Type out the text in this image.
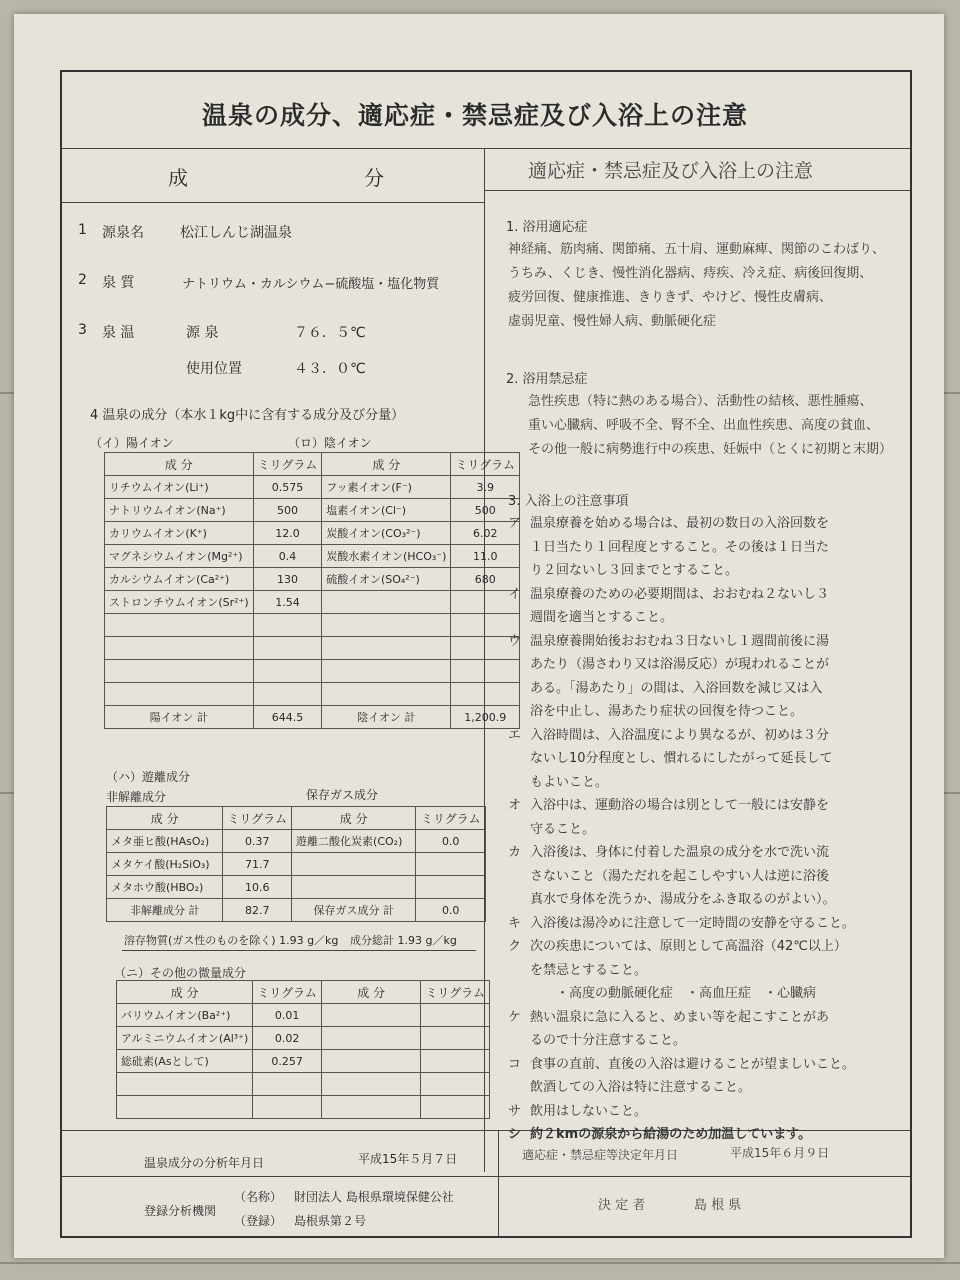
温泉の成分、適応症・禁忌症及び入浴上の注意
成	分	適応症・禁忌症及び入浴上の注意
1 源泉名	松江しんじ湖温泉
2 泉 質	ナトリウム・カルシウム−硫酸塩・塩化物質
3 泉 温	源 泉	７６．５℃
使用位置	４３．０℃
4 温泉の成分（本水１kg中に含有する成分及び分量）
（イ）陽イオン	（ロ）陰イオン
成 分	ミリグラム	成 分	ミリグラム
リチウムイオン(Li⁺)	0.575	フッ素イオン(F⁻)	3.9
ナトリウムイオン(Na⁺)	500	塩素イオン(Cl⁻)	500
カリウムイオン(K⁺)	12.0	炭酸イオン(CO₃²⁻)	6.02
マグネシウムイオン(Mg²⁺)	0.4	炭酸水素イオン(HCO₃⁻)	11.0
カルシウムイオン(Ca²⁺)	130	硫酸イオン(SO₄²⁻)	680
ストロンチウムイオン(Sr²⁺)	1.54		

陽イオン 計	644.5	陰イオン 計	1,200.9
（ハ）遊離成分
非解離成分	保存ガス成分
成 分	ミリグラム	成 分	ミリグラム
メタ亜ヒ酸(HAsO₂)	0.37	遊離二酸化炭素(CO₂)	0.0
メタケイ酸(H₂SiO₃)	71.7		
メタホウ酸(HBO₂)	10.6		
非解離成分 計	82.7	保存ガス成分 計	0.0
溶存物質(ガス性のものを除く) 1.93 g／kg 成分総計 1.93 g／kg
（ニ）その他の微量成分
成 分	ミリグラム	成 分	ミリグラム
バリウムイオン(Ba²⁺)	0.01		
アルミニウムイオン(Al³⁺)	0.02		
総砒素(Asとして)	0.257		

温泉成分の分析年月日	平成15年５月７日
登録分析機関
（名称） 財団法人 島根県環境保健公社
（登録） 島根県第２号
適応症・禁忌症等決定年月日	平成15年６月９日
決 定 者	島 根 県
1. 浴用適応症
神経痛、筋肉痛、関節痛、五十肩、運動麻痺、関節のこわばり、
うちみ、くじき、慢性消化器病、痔疾、冷え症、病後回復期、
疲労回復、健康推進、きりきず、やけど、慢性皮膚病、
虚弱児童、慢性婦人病、動脈硬化症
2. 浴用禁忌症
急性疾患（特に熱のある場合）、活動性の結核、悪性腫瘍、
重い心臓病、呼吸不全、腎不全、出血性疾患、高度の貧血、
その他一般に病勢進行中の疾患、妊娠中（とくに初期と末期）
3. 入浴上の注意事項
ア 温泉療養を始める場合は、最初の数日の入浴回数を
１日当たり１回程度とすること。その後は１日当た
り２回ないし３回までとすること。
イ 温泉療養のための必要期間は、おおむね２ないし３
週間を適当とすること。
ウ 温泉療養開始後おおむね３日ないし１週間前後に湯
あたり（湯さわり又は浴湯反応）が現われることが
ある。「湯あたり」の間は、入浴回数を減じ又は入
浴を中止し、湯あたり症状の回復を待つこと。
エ 入浴時間は、入浴温度により異なるが、初めは３分
ないし10分程度とし、慣れるにしたがって延長して
もよいこと。
オ 入浴中は、運動浴の場合は別として一般には安静を
守ること。
カ 入浴後は、身体に付着した温泉の成分を水で洗い流
さないこと（湯ただれを起こしやすい人は逆に浴後
真水で身体を洗うか、湯成分をふき取るのがよい）。
キ 入浴後は湯冷めに注意して一定時間の安静を守ること。
ク 次の疾患については、原則として高温浴（42℃以上）
を禁忌とすること。
・高度の動脈硬化症　・高血圧症　・心臓病
ケ 熱い温泉に急に入ると、めまい等を起こすことがあ
るので十分注意すること。
コ 食事の直前、直後の入浴は避けることが望ましいこと。
飲酒しての入浴は特に注意すること。
サ 飲用はしないこと。
シ 約２kmの源泉から給湯のため加温しています。
